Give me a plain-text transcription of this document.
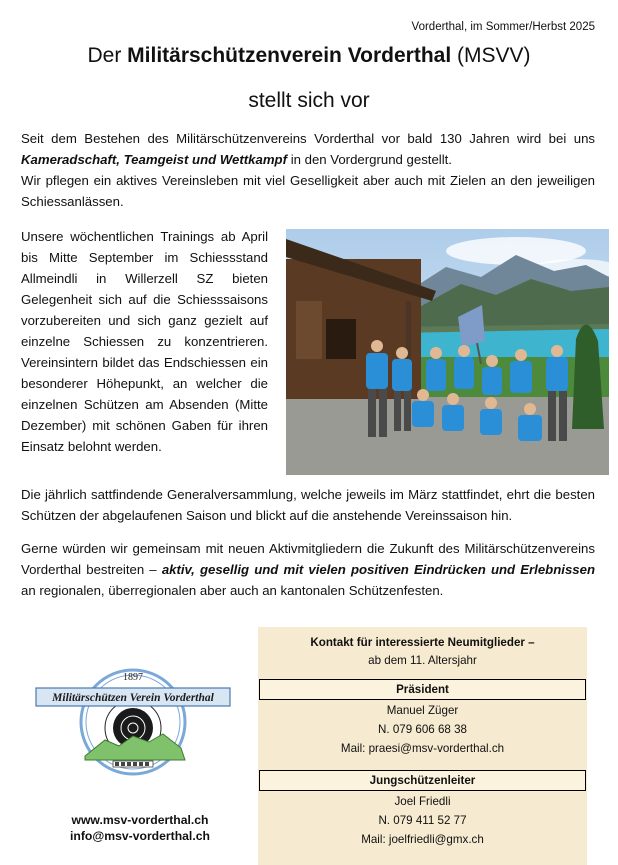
Vorderthal, im Sommer/Herbst 2025
Der Militärschützenverein Vorderthal (MSVV)
stellt sich vor
Seit dem Bestehen des Militärschützenvereins Vorderthal vor bald 130 Jahren wird bei uns Kameradschaft, Teamgeist und Wettkampf in den Vordergrund gestellt.
Wir pflegen ein aktives Vereinsleben mit viel Geselligkeit aber auch mit Zielen an den jeweiligen Schiessanlässen.
Unsere wöchentlichen Trainings ab April bis Mitte September im Schiessstand Allmeindli in Willerzell SZ bieten Gelegenheit sich auf die Schiesssaisons vorzubereiten und sich ganz gezielt auf einzelne Schiessen zu konzentrieren. Vereinsintern bildet das Endschiessen ein besonderer Höhepunkt, an welcher die einzelnen Schützen am Absenden (Mitte Dezember) mit schönen Gaben für ihren Einsatz belohnt werden.
Die jährlich sattfindende Generalversammlung, welche jeweils im März stattfindet, ehrt die besten Schützen der abgelaufenen Saison und blickt auf die anstehende Vereinssaison hin.
Gerne würden wir gemeinsam mit neuen Aktivmitgliedern die Zukunft des Militärschützenvereins Vorderthal bestreiten – aktiv, gesellig und mit vielen positiven Eindrücken und Erlebnissen an regionalen, überregionalen aber auch an kantonalen Schützenfesten.
1897
Militärschützen Verein Vorderthal
www.msv-vorderthal.ch
info@msv-vorderthal.ch
Kontakt für interessierte Neumitglieder –
ab dem 11. Altersjahr
Präsident
Manuel Züger
N. 079 606 68 38
Mail: praesi@msv-vorderthal.ch
Jungschützenleiter
Joel Friedli
N. 079 411 52 77
Mail: joelfriedli@gmx.ch
